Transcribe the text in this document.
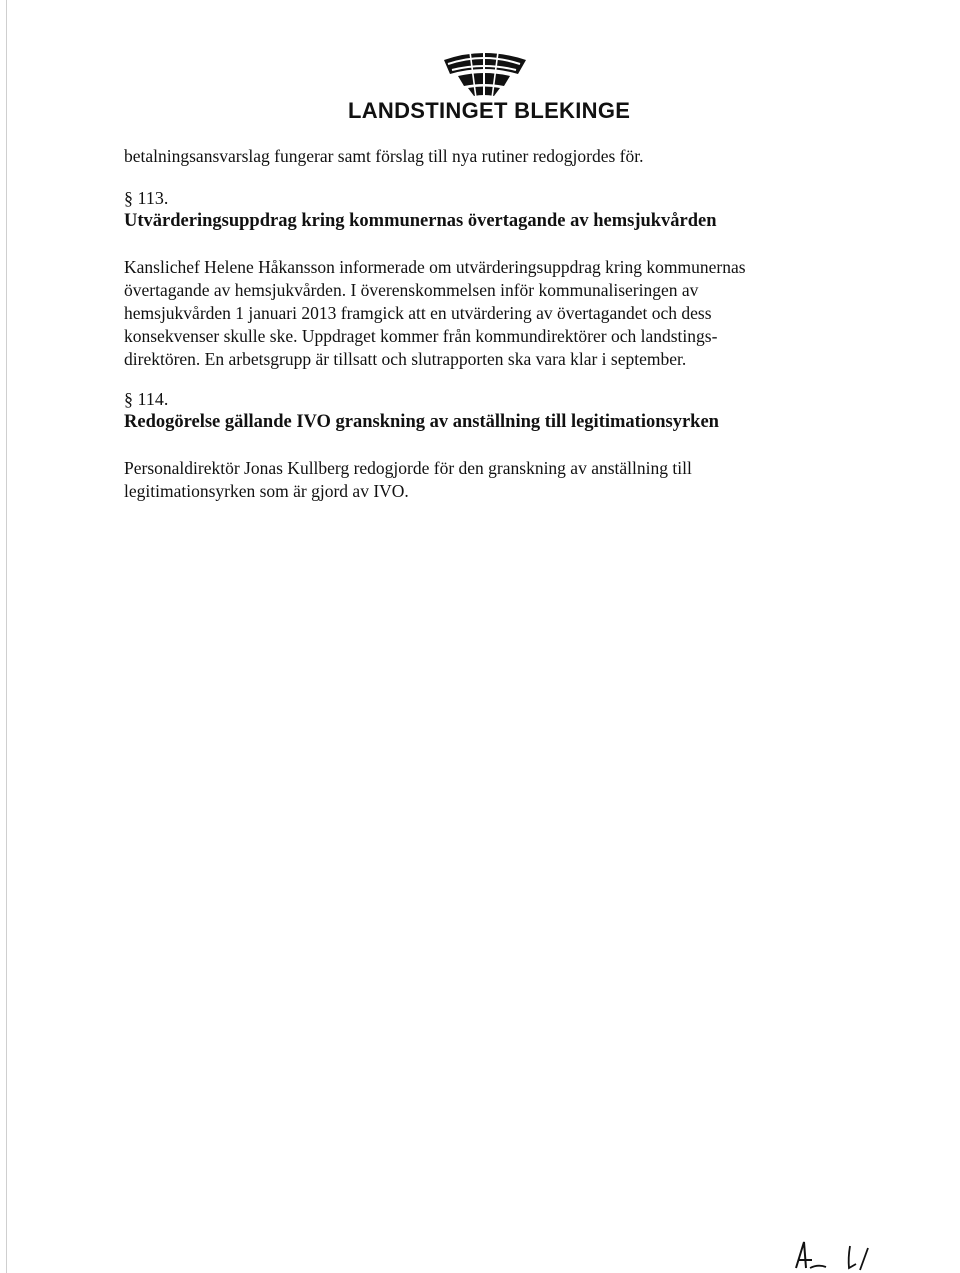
LANDSTINGET BLEKINGE
betalningsansvarslag fungerar samt förslag till nya rutiner redogjordes för.
§ 113.
Utvärderingsuppdrag kring kommunernas övertagande av hemsjukvården
Kanslichef Helene Håkansson informerade om utvärderingsuppdrag kring kommunernas
övertagande av hemsjukvården. I överenskommelsen inför kommunaliseringen av
hemsjukvården 1 januari 2013 framgick att en utvärdering av övertagandet och dess
konsekvenser skulle ske. Uppdraget kommer från kommundirektörer och landstings-
direktören. En arbetsgrupp är tillsatt och slutrapporten ska vara klar i september.
§ 114.
Redogörelse gällande IVO granskning av anställning till legitimationsyrken
Personaldirektör Jonas Kullberg redogjorde för den granskning av anställning till
legitimationsyrken som är gjord av IVO.
